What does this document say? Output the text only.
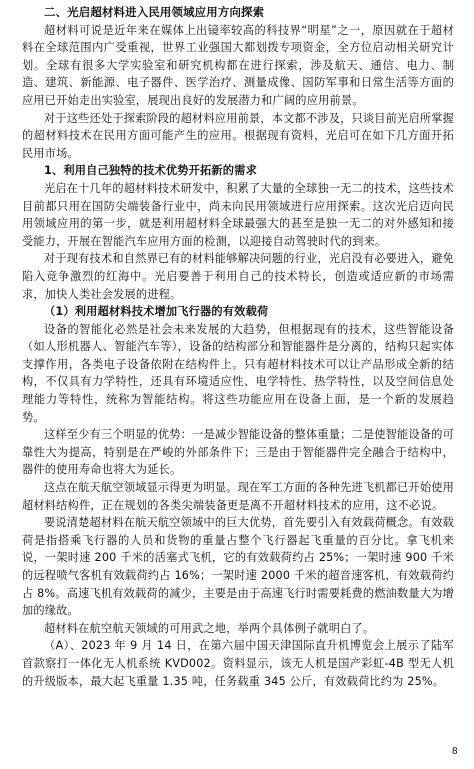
二、光启超材料进入民用领域应用方向探索

超材料可说是近年来在媒体上出镜率较高的科技界“明星”之一，原因就在于超材料在全球范围内广受重视，世界工业强国大都划拨专项资金，全方位启动相关研究计划。全球有很多大学实验室和研究机构都在进行探索，涉及航天、通信、电力、制造、建筑、新能源、电子器件、医学治疗、测量成像、国防军事和日常生活等方面的应用已开始走出实验室，展现出良好的发展潜力和广阔的应用前景。

对于这些还处于探索阶段的超材料应用前景，本文都不涉及，只谈目前光启所掌握的超材料技术在民用方面可能产生的应用。根据现有资料，光启可在如下几方面开拓民用市场。

1、利用自己独特的技术优势开拓新的需求

光启在十几年的超材料技术研发中，积累了大量的全球独一无二的技术，这些技术目前都只用在国防尖端装备行业中，尚未向民用领域进行应用探索。这次光启迈向民用领域应用的第一步，就是利用超材料全球最强大的甚至是独一无二的对外感知和接受能力，开展在智能汽车应用方面的检测，以迎接自动驾驶时代的到来。

对于现有技术和自然界已有的材料能够解决问题的行业，光启没有必要进入，避免陷入竞争激烈的红海中。光启要善于利用自己的技术特长，创造或适应新的市场需求，加快人类社会发展的进程。

（1）利用超材料技术增加飞行器的有效载荷

设备的智能化必然是社会未来发展的大趋势，但根据现有的技术，这些智能设备（如人形机器人、智能汽车等），设备的结构部分和智能器件是分离的，结构只起实体支撑作用，各类电子设备依附在结构件上。只有超材料技术可以让产品形成全新的结构，不仅具有力学特性，还具有环境适应性、电学特性、热学特性，以及空间信息处理能力等特性，统称为智能结构。将这些功能应用在设备上面，是一个新的发展趋势。

这样至少有三个明显的优势：一是减少智能设备的整体重量；二是使智能设备的可靠性大为提高，特别是在严峻的外部条件下；三是由于智能器件完全融合于结构中，器件的使用寿命也将大为延长。

这点在航天航空领域显示得更为明显。现在军工方面的各种先进飞机都已开始使用超材料结构件，正在规划的各类尖端装备更是离不开超材料技术的应用，这不必说。

要说清楚超材料在航天航空领域中的巨大优势，首先要引入有效载荷概念。有效载荷是指搭乘飞行器的人员和货物的重量占整个飞行器起飞重量的百分比。拿飞机来说，一架时速 200 千米的活塞式飞机，它的有效载荷约占 25%；一架时速 900 千米的远程喷气客机有效载荷约占 16%；一架时速 2000 千米的超音速客机，有效载荷约占 8%。高速飞机有效载荷的减少，主要是由于高速飞行时需要耗费的燃油数量大为增加的缘故。

超材料在航空航天领域的可用武之地，举两个具体例子就明白了。

（A）、2023 年 9 月 14 日，在第六届中国天津国际直升机博览会上展示了陆军首款察打一体化无人机系统 KVD002。资料显示，该无人机是国产彩虹-4B 型无人机的升级版本，最大起飞重量 1.35 吨，任务载重 345 公斤，有效载荷比约为 25%。

8
